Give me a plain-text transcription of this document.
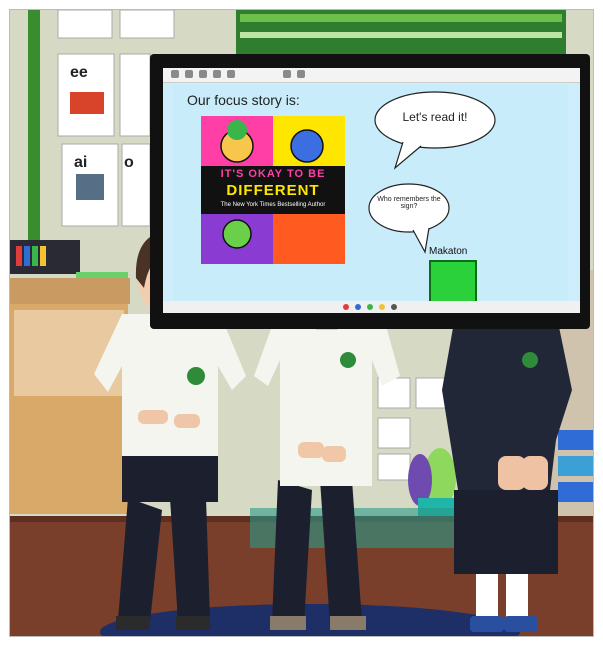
Our focus story is:
IT'S OKAY TO BE
DIFFERENT
The New York Times Bestselling Author
Let's read it!
Who remembers the sign?
Makaton
ee
ai o
